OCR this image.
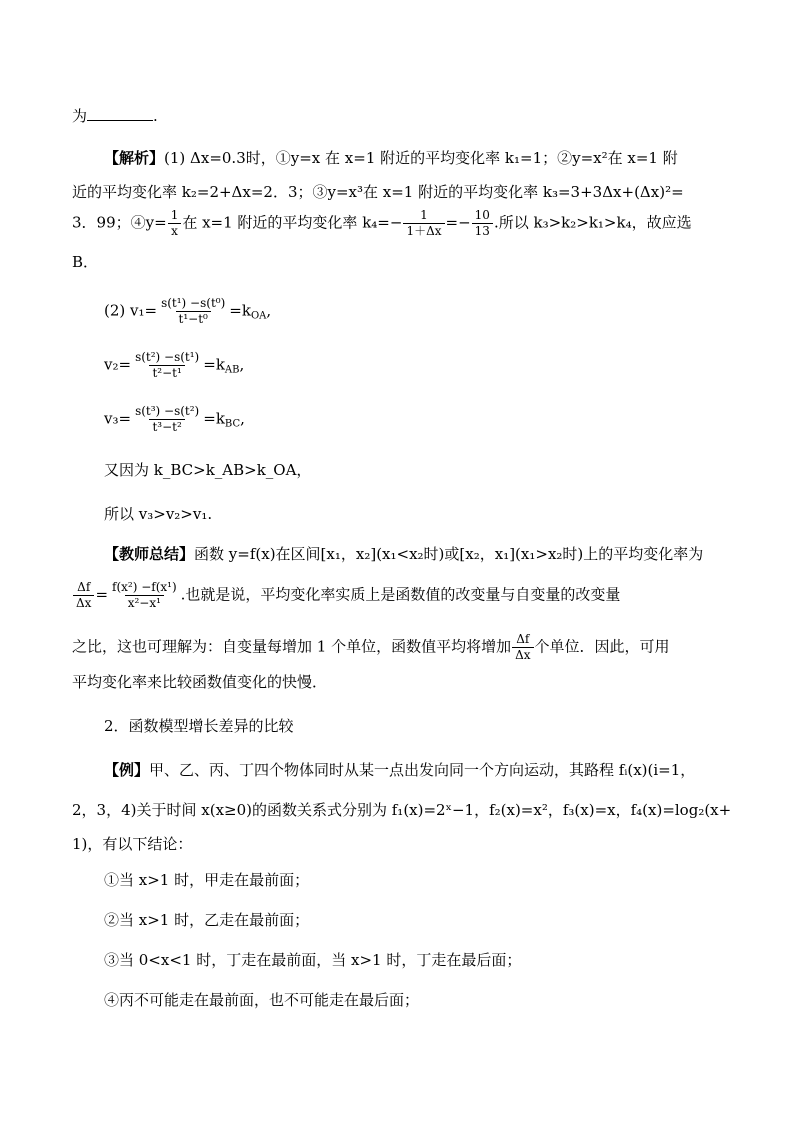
为	.
【解析】(1) Δx=0.3时，①y=x 在 x=1 附近的平均变化率 k₁=1；②y=x²在 x=1 附
近的平均变化率 k₂=2+Δx=2．3；③y=x³在 x=1 附近的平均变化率 k₃=3+3Δx+(Δx)²=
3．99；④y= $\frac{1}{x}$ 在 x=1 附近的平均变化率 $k_4=- \frac{1}{1+\Delta x} =- \frac{10}{13}$ .所以 k₃>k₂>k₁>k₄，故应选
B．
(2) $v_1= \frac{\text{s(t¹) −s(t⁰)}}{\text{t¹−t⁰}} =k_{OA}$,
$v_2= \frac{\text{s(t²) −s(t¹)}}{\text{t²−t¹}} =k_{AB}$,
$v_3= \frac{\text{s(t³) −s(t²)}}{\text{t³−t²}} =k_{BC}$,
又因为 k_BC>k_AB>k_OA，
所以 v₃>v₂>v₁.
【教师总结】函数 y=f(x)在区间[x₁，x₂](x₁<x₂时)或[x₂，x₁](x₁>x₂时)上的平均变化率为
$\frac{\Delta f}{\Delta x} = \frac{\text{f(x²) −f(x¹)}}{\text{x²−x¹}}$ .也就是说，平均变化率实质上是函数值的改变量与自变量的改变量
之比，这也可理解为：自变量每增加 1 个单位，函数值平均将增加 $\frac{\Delta f}{\Delta x}$ 个单位．因此，可用
平均变化率来比较函数值变化的快慢．
2．函数模型增长差异的比较
【例】甲、乙、丙、丁四个物体同时从某一点出发向同一个方向运动，其路程 fᵢ(x)(i=1，
2，3，4)关于时间 x(x≥0)的函数关系式分别为 f₁(x)=2ˣ−1，f₂(x)=x²，f₃(x)=x，f₄(x)=log₂(x+
1)，有以下结论：
①当 x>1 时，甲走在最前面；
②当 x>1 时，乙走在最前面；
③当 0<x<1 时，丁走在最前面，当 x>1 时，丁走在最后面；
④丙不可能走在最前面，也不可能走在最后面；
